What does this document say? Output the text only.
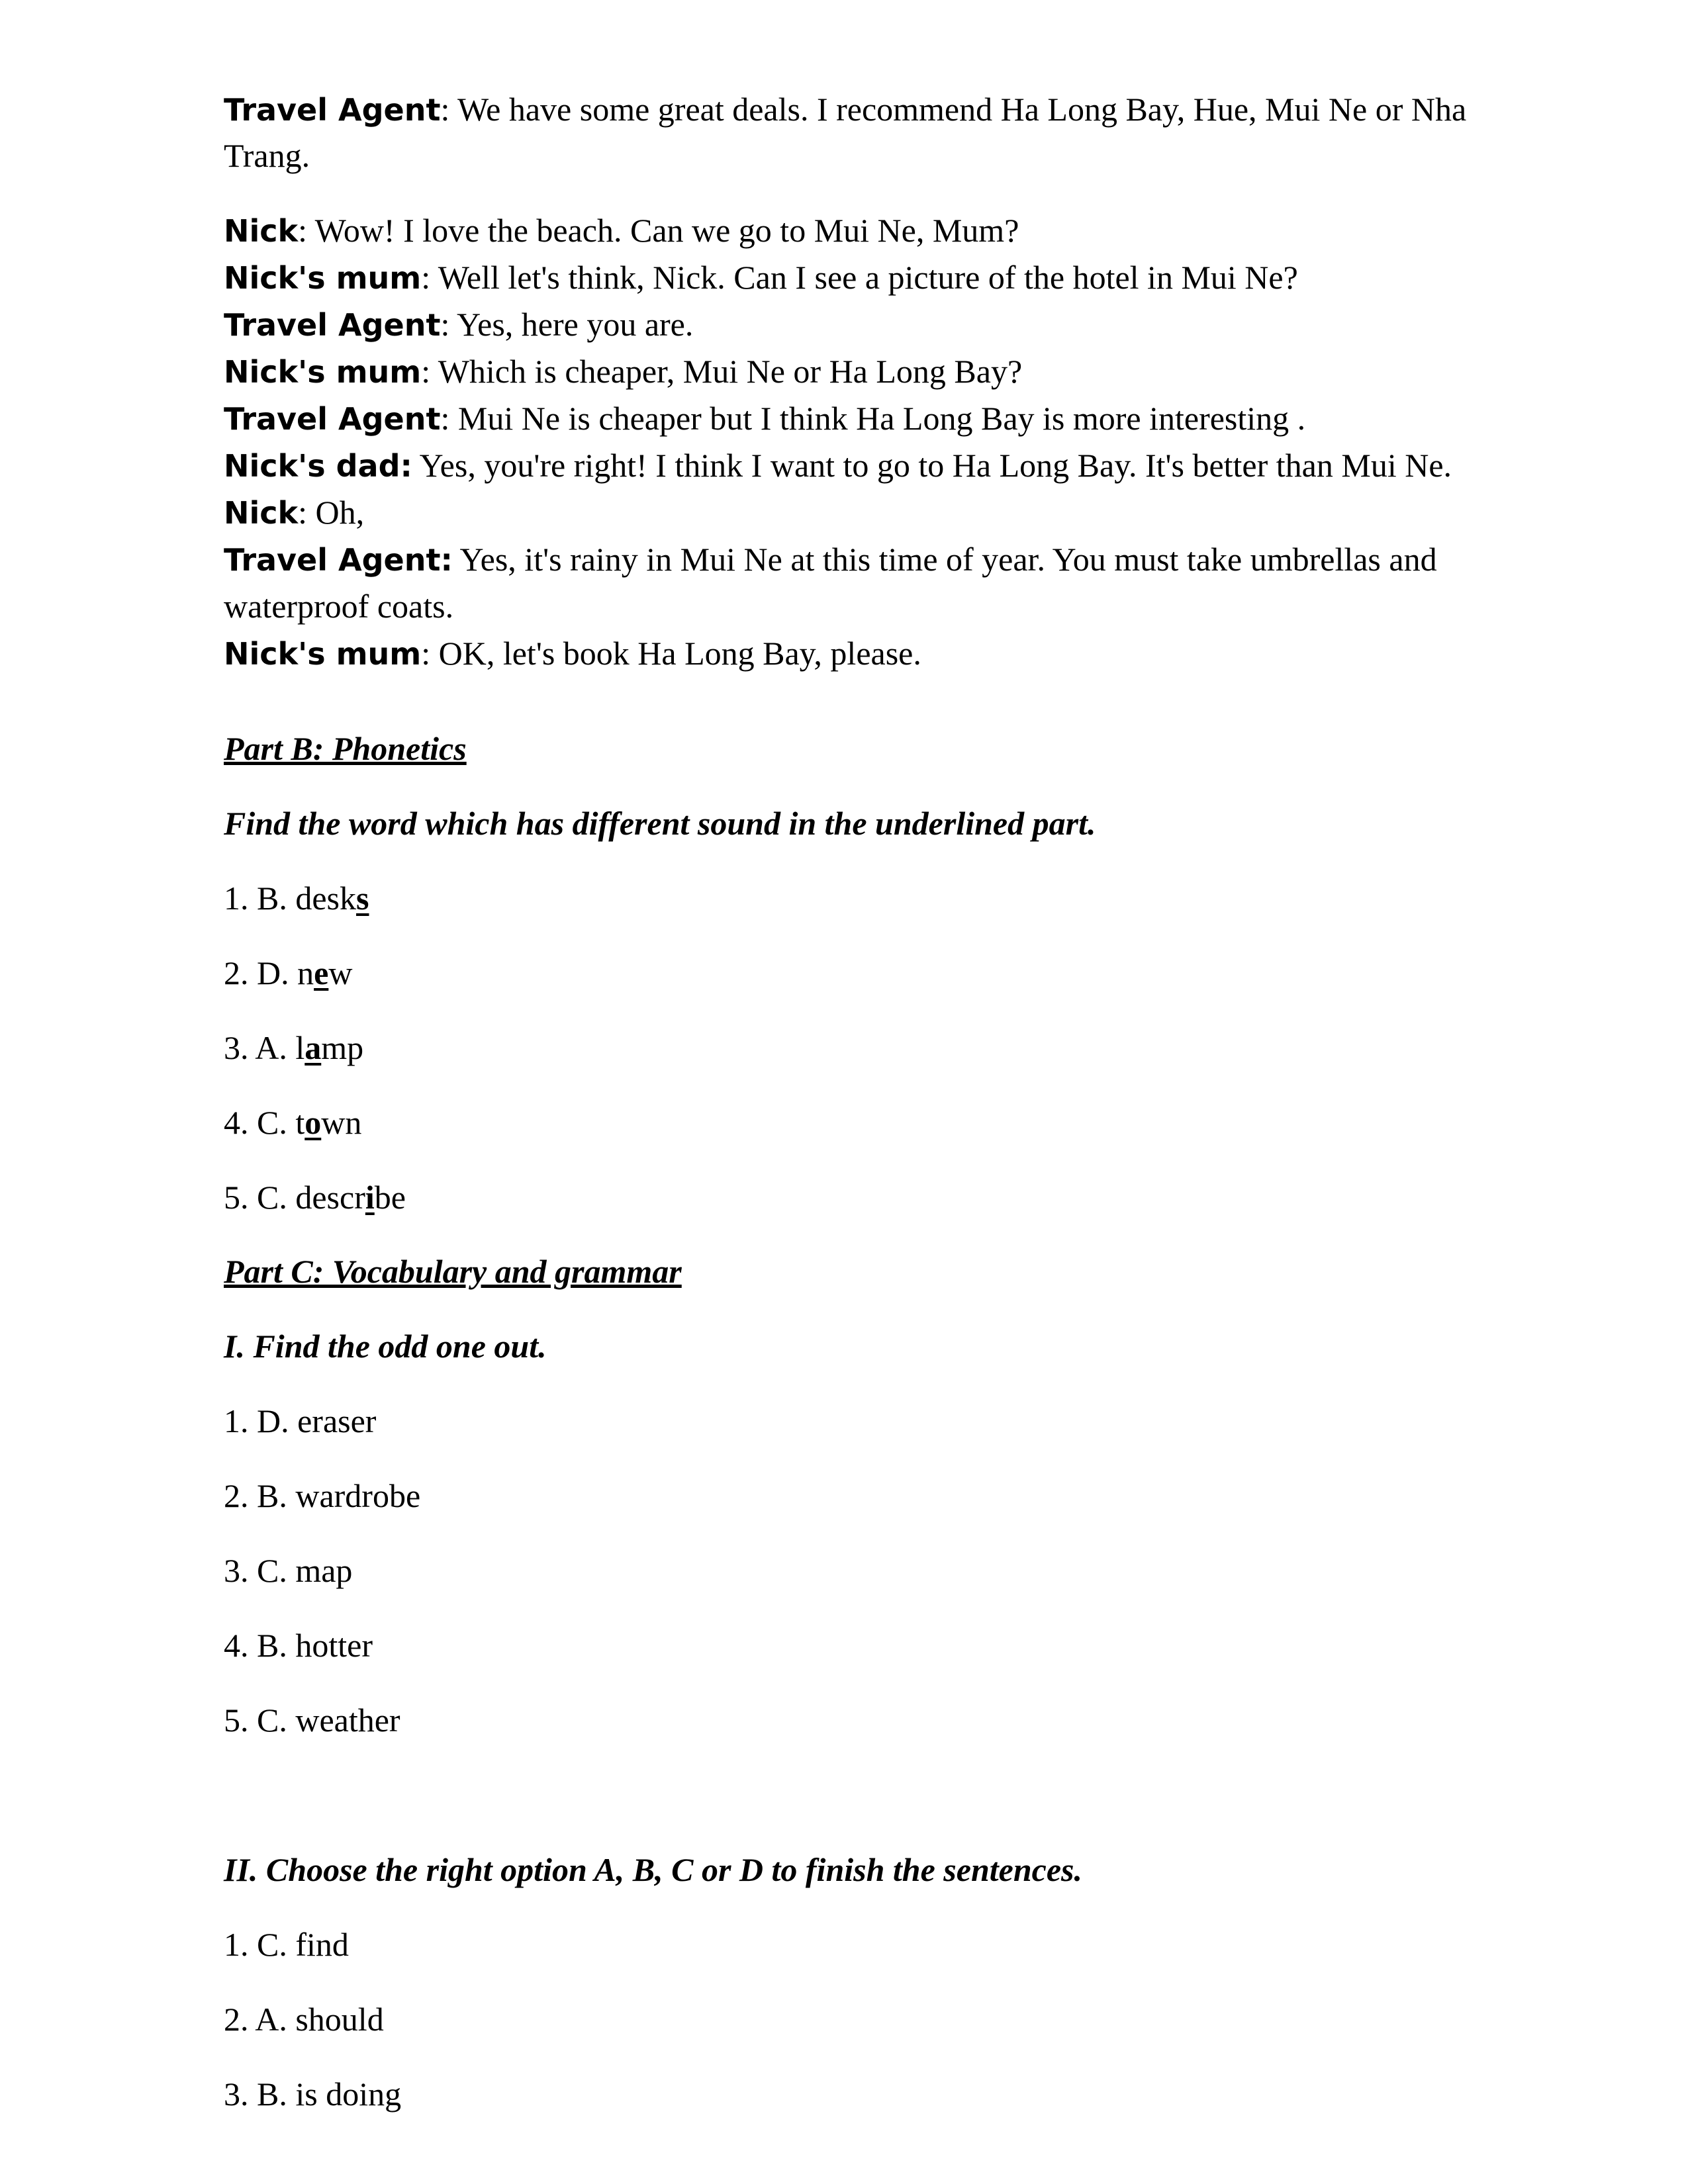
Travel Agent: We have some great deals. I recommend Ha Long Bay, Hue, Mui Ne or Nha

Trang.

Nick: Wow! I love the beach. Can we go to Mui Ne, Mum?

Nick's mum: Well let's think, Nick. Can I see a picture of the hotel in Mui Ne?

Travel Agent: Yes, here you are.

Nick's mum: Which is cheaper, Mui Ne or Ha Long Bay?

Travel Agent: Mui Ne is cheaper but I think Ha Long Bay is more interesting .

Nick's dad: Yes, you're right! I think I want to go to Ha Long Bay. It's better than Mui Ne.

Nick: Oh,

Travel Agent: Yes, it's rainy in Mui Ne at this time of year. You must take umbrellas and

waterproof coats.

Nick's mum: OK, let's book Ha Long Bay, please.

Part B: Phonetics

Find the word which has different sound in the underlined part.

1. B. desks

2. D. new

3. A. lamp

4. C. town

5. C. describe

Part C: Vocabulary and grammar

I. Find the odd one out.

1. D. eraser

2. B. wardrobe

3. C. map

4. B. hotter

5. C. weather

II. Choose the right option A, B, C or D to finish the sentences.

1. C. find

2. A. should

3. B. is doing
